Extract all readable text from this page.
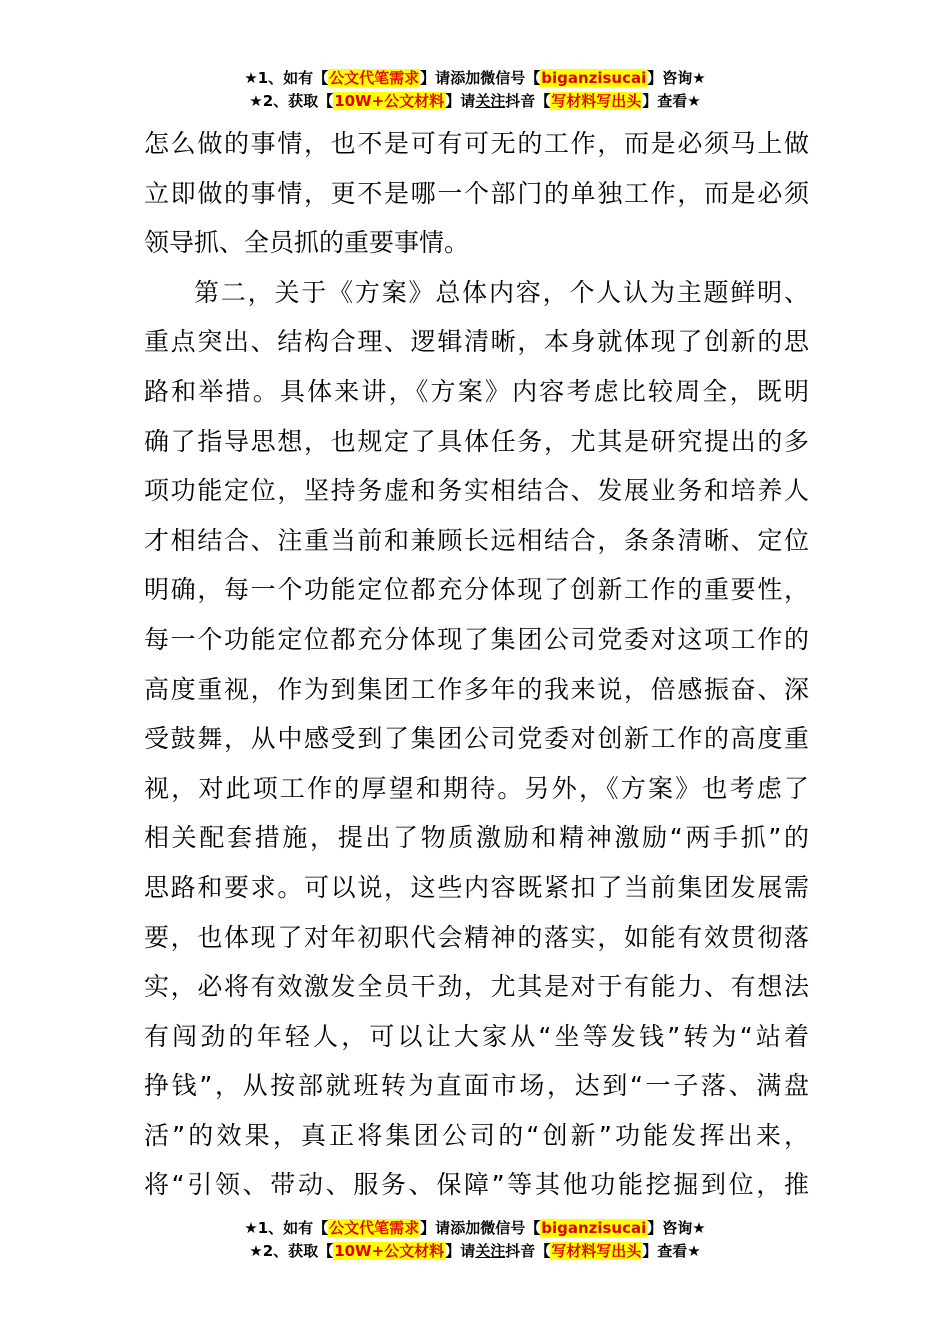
★1、如有【公文代笔需求】请添加微信号【biganzisucai】咨询★
★2、获取【10W+公文材料】请关注抖音【写材料写出头】查看★
怎么做的事情，也不是可有可无的工作，而是必须马上做
立即做的事情，更不是哪一个部门的单独工作，而是必须
领导抓、全员抓的重要事情。
第二，关于《方案》总体内容，个人认为主题鲜明、
重点突出、结构合理、逻辑清晰，本身就体现了创新的思
路和举措。具体来讲，《方案》内容考虑比较周全，既明
确了指导思想，也规定了具体任务，尤其是研究提出的多
项功能定位，坚持务虚和务实相结合、发展业务和培养人
才相结合、注重当前和兼顾长远相结合，条条清晰、定位
明确，每一个功能定位都充分体现了创新工作的重要性，
每一个功能定位都充分体现了集团公司党委对这项工作的
高度重视，作为到集团工作多年的我来说，倍感振奋、深
受鼓舞，从中感受到了集团公司党委对创新工作的高度重
视，对此项工作的厚望和期待。另外，《方案》也考虑了
相关配套措施，提出了物质激励和精神激励“两手抓”的
思路和要求。可以说，这些内容既紧扣了当前集团发展需
要，也体现了对年初职代会精神的落实，如能有效贯彻落
实，必将有效激发全员干劲，尤其是对于有能力、有想法
有闯劲的年轻人，可以让大家从“坐等发钱”转为“站着
挣钱”，从按部就班转为直面市场，达到“一子落、满盘
活”的效果，真正将集团公司的“创新”功能发挥出来，
将“引领、带动、服务、保障”等其他功能挖掘到位，推
★1、如有【公文代笔需求】请添加微信号【biganzisucai】咨询★
★2、获取【10W+公文材料】请关注抖音【写材料写出头】查看★
